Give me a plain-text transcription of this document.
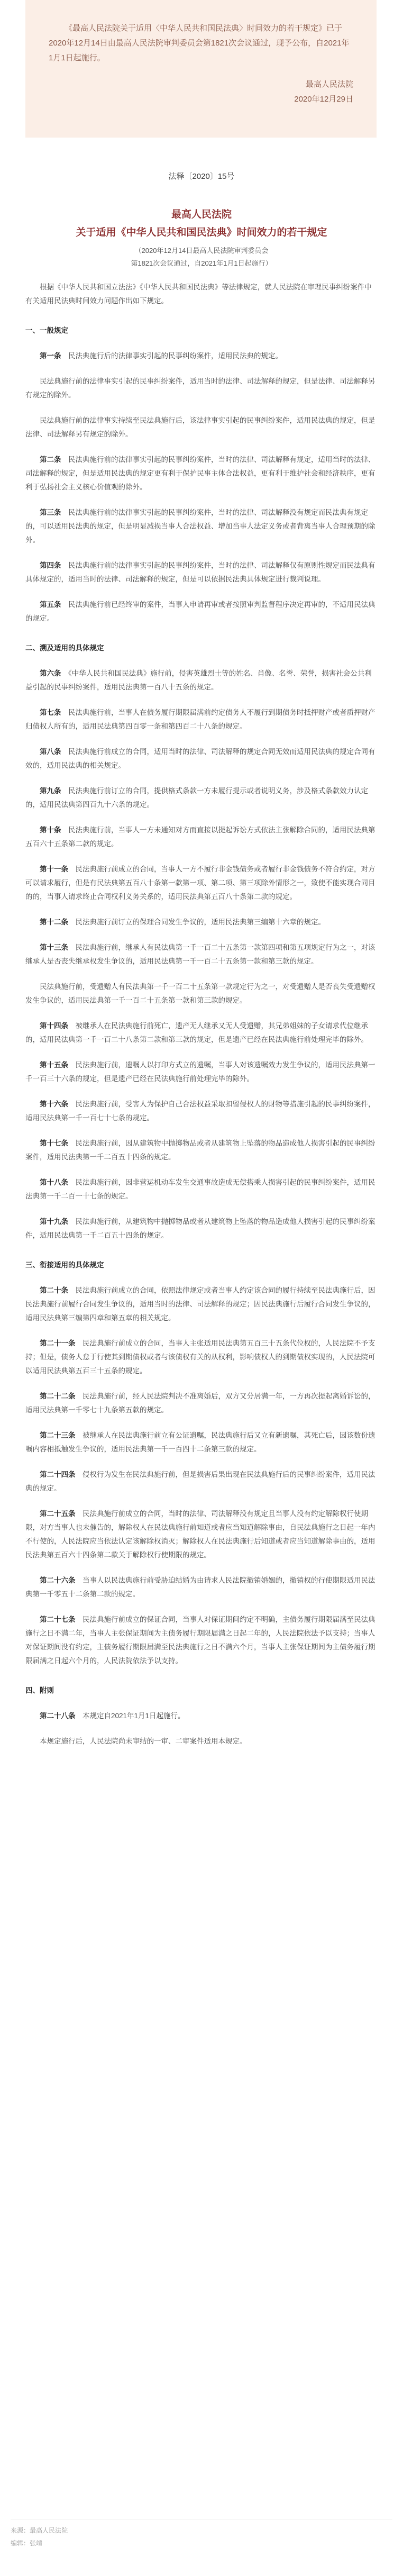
《最高人民法院关于适用〈中华人民共和国民法典〉时间效力的若干规定》已于2020年12月14日由最高人民法院审判委员会第1821次会议通过，现予公布，自2021年1月1日起施行。

最高人民法院

2020年12月29日

法释〔2020〕15号
最高人民法院
关于适用《中华人民共和国民法典》时间效力的若干规定
（2020年12月14日最高人民法院审判委员会
第1821次会议通过，自2021年1月1日起施行）

根据《中华人民共和国立法法》《中华人民共和国民法典》等法律规定，就人民法院在审理民事纠纷案件中有关适用民法典时间效力问题作出如下规定。

一、一般规定

第一条　 民法典施行后的法律事实引起的民事纠纷案件，适用民法典的规定。

民法典施行前的法律事实引起的民事纠纷案件，适用当时的法律、司法解释的规定，但是法律、司法解释另有规定的除外。

民法典施行前的法律事实持续至民法典施行后，该法律事实引起的民事纠纷案件，适用民法典的规定，但是法律、司法解释另有规定的除外。

第二条　 民法典施行前的法律事实引起的民事纠纷案件，当时的法律、司法解释有规定，适用当时的法律、司法解释的规定，但是适用民法典的规定更有利于保护民事主体合法权益，更有利于维护社会和经济秩序，更有利于弘扬社会主义核心价值观的除外。

第三条　 民法典施行前的法律事实引起的民事纠纷案件，当时的法律、司法解释没有规定而民法典有规定的，可以适用民法典的规定，但是明显减损当事人合法权益、增加当事人法定义务或者背离当事人合理预期的除外。

第四条　 民法典施行前的法律事实引起的民事纠纷案件，当时的法律、司法解释仅有原则性规定而民法典有具体规定的，适用当时的法律、司法解释的规定，但是可以依据民法典具体规定进行裁判说理。

第五条　 民法典施行前已经终审的案件，当事人申请再审或者按照审判监督程序决定再审的，不适用民法典的规定。

二、溯及适用的具体规定

第六条　 《中华人民共和国民法典》施行前，侵害英雄烈士等的姓名、肖像、名誉、荣誉，损害社会公共利益引起的民事纠纷案件，适用民法典第一百八十五条的规定。

第七条　 民法典施行前，当事人在债务履行期限届满前约定债务人不履行到期债务时抵押财产或者质押财产归债权人所有的，适用民法典第四百零一条和第四百二十八条的规定。

第八条　 民法典施行前成立的合同，适用当时的法律、司法解释的规定合同无效而适用民法典的规定合同有效的，适用民法典的相关规定。

第九条　 民法典施行前订立的合同，提供格式条款一方未履行提示或者说明义务，涉及格式条款效力认定的，适用民法典第四百九十六条的规定。

第十条　 民法典施行前，当事人一方未通知对方而直接以提起诉讼方式依法主张解除合同的，适用民法典第五百六十五条第二款的规定。

第十一条　 民法典施行前成立的合同，当事人一方不履行非金钱债务或者履行非金钱债务不符合约定，对方可以请求履行，但是有民法典第五百八十条第一款第一项、第二项、第三项除外情形之一，致使不能实现合同目的的，当事人请求终止合同权利义务关系的，适用民法典第五百八十条第二款的规定。

第十二条　 民法典施行前订立的保理合同发生争议的，适用民法典第三编第十六章的规定。

第十三条　 民法典施行前，继承人有民法典第一千一百二十五条第一款第四项和第五项规定行为之一，对该继承人是否丧失继承权发生争议的，适用民法典第一千一百二十五条第一款和第三款的规定。

民法典施行前，受遗赠人有民法典第一千一百二十五条第一款规定行为之一，对受遗赠人是否丧失受遗赠权发生争议的，适用民法典第一千一百二十五条第一款和第三款的规定。

第十四条　 被继承人在民法典施行前死亡，遗产无人继承又无人受遗赠，其兄弟姐妹的子女请求代位继承的，适用民法典第一千一百二十八条第二款和第三款的规定，但是遗产已经在民法典施行前处理完毕的除外。

第十五条　 民法典施行前，遗嘱人以打印方式立的遗嘱，当事人对该遗嘱效力发生争议的，适用民法典第一千一百三十六条的规定，但是遗产已经在民法典施行前处理完毕的除外。

第十六条　 民法典施行前，受害人为保护自己合法权益采取扣留侵权人的财物等措施引起的民事纠纷案件，适用民法典第一千一百七十七条的规定。

第十七条　 民法典施行前，因从建筑物中抛掷物品或者从建筑物上坠落的物品造成他人损害引起的民事纠纷案件，适用民法典第一千二百五十四条的规定。

第十八条　 民法典施行前，因非营运机动车发生交通事故造成无偿搭乘人损害引起的民事纠纷案件，适用民法典第一千二百一十七条的规定。

第十九条　 民法典施行前，从建筑物中抛掷物品或者从建筑物上坠落的物品造成他人损害引起的民事纠纷案件，适用民法典第一千二百五十四条的规定。

三、衔接适用的具体规定

第二十条　 民法典施行前成立的合同，依照法律规定或者当事人约定该合同的履行持续至民法典施行后，因民法典施行前履行合同发生争议的，适用当时的法律、司法解释的规定；因民法典施行后履行合同发生争议的，适用民法典第三编第四章和第五章的相关规定。

第二十一条　 民法典施行前成立的合同，当事人主张适用民法典第五百三十五条代位权的，人民法院不予支持；但是，债务人怠于行使其到期债权或者与该债权有关的从权利，影响债权人的到期债权实现的，人民法院可以适用民法典第五百三十五条的规定。

第二十二条　 民法典施行前，经人民法院判决不准离婚后，双方又分居满一年，一方再次提起离婚诉讼的，适用民法典第一千零七十九条第五款的规定。

第二十三条　 被继承人在民法典施行前立有公证遗嘱，民法典施行后又立有新遗嘱，其死亡后，因该数份遗嘱内容相抵触发生争议的，适用民法典第一千一百四十二条第三款的规定。

第二十四条　 侵权行为发生在民法典施行前，但是损害后果出现在民法典施行后的民事纠纷案件，适用民法典的规定。

第二十五条　 民法典施行前成立的合同，当时的法律、司法解释没有规定且当事人没有约定解除权行使期限，对方当事人也未催告的，解除权人在民法典施行前知道或者应当知道解除事由，自民法典施行之日起一年内不行使的，人民法院应当依法认定该解除权消灭；解除权人在民法典施行后知道或者应当知道解除事由的，适用民法典第五百六十四条第二款关于解除权行使期限的规定。

第二十六条　 当事人以民法典施行前受胁迫结婚为由请求人民法院撤销婚姻的，撤销权的行使期限适用民法典第一千零五十二条第二款的规定。

第二十七条　 民法典施行前成立的保证合同，当事人对保证期间约定不明确，主债务履行期限届满至民法典施行之日不满二年，当事人主张保证期间为主债务履行期限届满之日起二年的，人民法院依法予以支持；当事人对保证期间没有约定，主债务履行期限届满至民法典施行之日不满六个月，当事人主张保证期间为主债务履行期限届满之日起六个月的，人民法院依法予以支持。

四、附则

第二十八条　 本规定自2021年1月1日起施行。

本规定施行后，人民法院尚未审结的一审、二审案件适用本规定。

来源：最高人民法院
编辑：张靖
